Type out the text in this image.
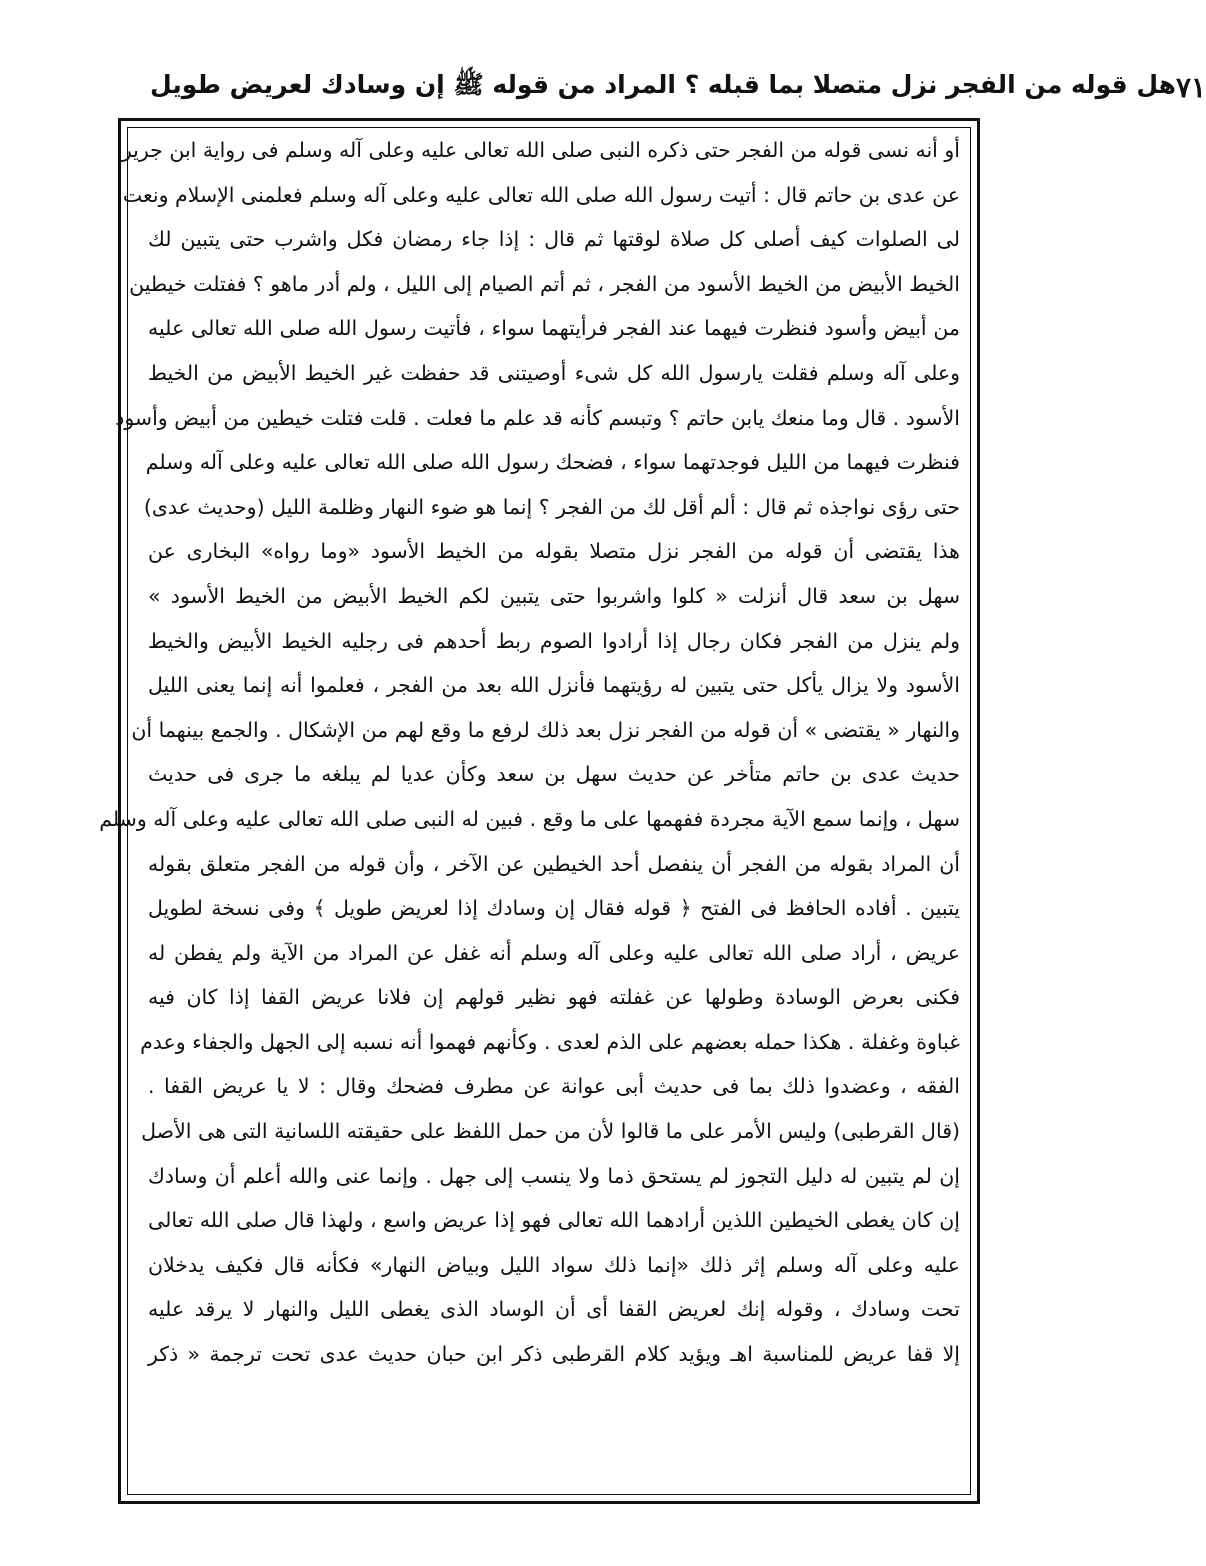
هل قوله من الفجر نزل متصلا بما قبله ؟ المراد من قوله ﷺ إن وسادك لعريض طويل ٧١
أو أنه نسى قوله من الفجر حتى ذكره النبى صلى الله تعالى عليه وعلى آله وسلم فى رواية ابن جرير
عن عدى بن حاتم قال : أتيت رسول الله صلى الله تعالى عليه وعلى آله وسلم فعلمنى الإسلام ونعت
لى الصلوات كيف أصلى كل صلاة لوقتها ثم قال : إذا جاء رمضان فكل واشرب حتى يتبين لك
الخيط الأبيض من الخيط الأسود من الفجر ، ثم أتم الصيام إلى الليل ، ولم أدر ماهو ؟ ففتلت خيطين
من أبيض وأسود فنظرت فيهما عند الفجر فرأيتهما سواء ، فأتيت رسول الله صلى الله تعالى عليه
وعلى آله وسلم فقلت يارسول الله كل شىء أوصيتنى قد حفظت غير الخيط الأبيض من الخيط
الأسود . قال وما منعك يابن حاتم ؟ وتبسم كأنه قد علم ما فعلت . قلت فتلت خيطين من أبيض وأسود
فنظرت فيهما من الليل فوجدتهما سواء ، فضحك رسول الله صلى الله تعالى عليه وعلى آله وسلم
حتى رؤى نواجذه ثم قال : ألم أقل لك من الفجر ؟ إنما هو ضوء النهار وظلمة الليل (وحديث عدى)
هذا يقتضى أن قوله من الفجر نزل متصلا بقوله من الخيط الأسود «وما رواه» البخارى عن
سهل بن سعد قال أنزلت « كلوا واشربوا حتى يتبين لكم الخيط الأبيض من الخيط الأسود »
ولم ينزل من الفجر فكان رجال إذا أرادوا الصوم ربط أحدهم فى رجليه الخيط الأبيض والخيط
الأسود ولا يزال يأكل حتى يتبين له رؤيتهما فأنزل الله بعد من الفجر ، فعلموا أنه إنما يعنى الليل
والنهار « يقتضى » أن قوله من الفجر نزل بعد ذلك لرفع ما وقع لهم من الإشكال . والجمع بينهما أن
حديث عدى بن حاتم متأخر عن حديث سهل بن سعد وكأن عديا لم يبلغه ما جرى فى حديث
سهل ، وإنما سمع الآية مجردة ففهمها على ما وقع . فبين له النبى صلى الله تعالى عليه وعلى آله وسلم
أن المراد بقوله من الفجر أن ينفصل أحد الخيطين عن الآخر ، وأن قوله من الفجر متعلق بقوله
يتبين . أفاده الحافظ فى الفتح ﴿ قوله فقال إن وسادك إذا لعريض طويل ﴾ وفى نسخة لطويل
عريض ، أراد صلى الله تعالى عليه وعلى آله وسلم أنه غفل عن المراد من الآية ولم يفطن له
فكنى بعرض الوسادة وطولها عن غفلته فهو نظير قولهم إن فلانا عريض القفا إذا كان فيه
غباوة وغفلة . هكذا حمله بعضهم على الذم لعدى . وكأنهم فهموا أنه نسبه إلى الجهل والجفاء وعدم
الفقه ، وعضدوا ذلك بما فى حديث أبى عوانة عن مطرف فضحك وقال : لا يا عريض القفا .
(قال القرطبى) وليس الأمر على ما قالوا لأن من حمل اللفظ على حقيقته اللسانية التى هى الأصل
إن لم يتبين له دليل التجوز لم يستحق ذما ولا ينسب إلى جهل . وإنما عنى والله أعلم أن وسادك
إن كان يغطى الخيطين اللذين أرادهما الله تعالى فهو إذا عريض واسع ، ولهذا قال صلى الله تعالى
عليه وعلى آله وسلم إثر ذلك «إنما ذلك سواد الليل وبياض النهار» فكأنه قال فكيف يدخلان
تحت وسادك ، وقوله إنك لعريض القفا أى أن الوساد الذى يغطى الليل والنهار لا يرقد عليه
إلا قفا عريض للمناسبة اهـ ويؤيد كلام القرطبى ذكر ابن حبان حديث عدى تحت ترجمة « ذكر
